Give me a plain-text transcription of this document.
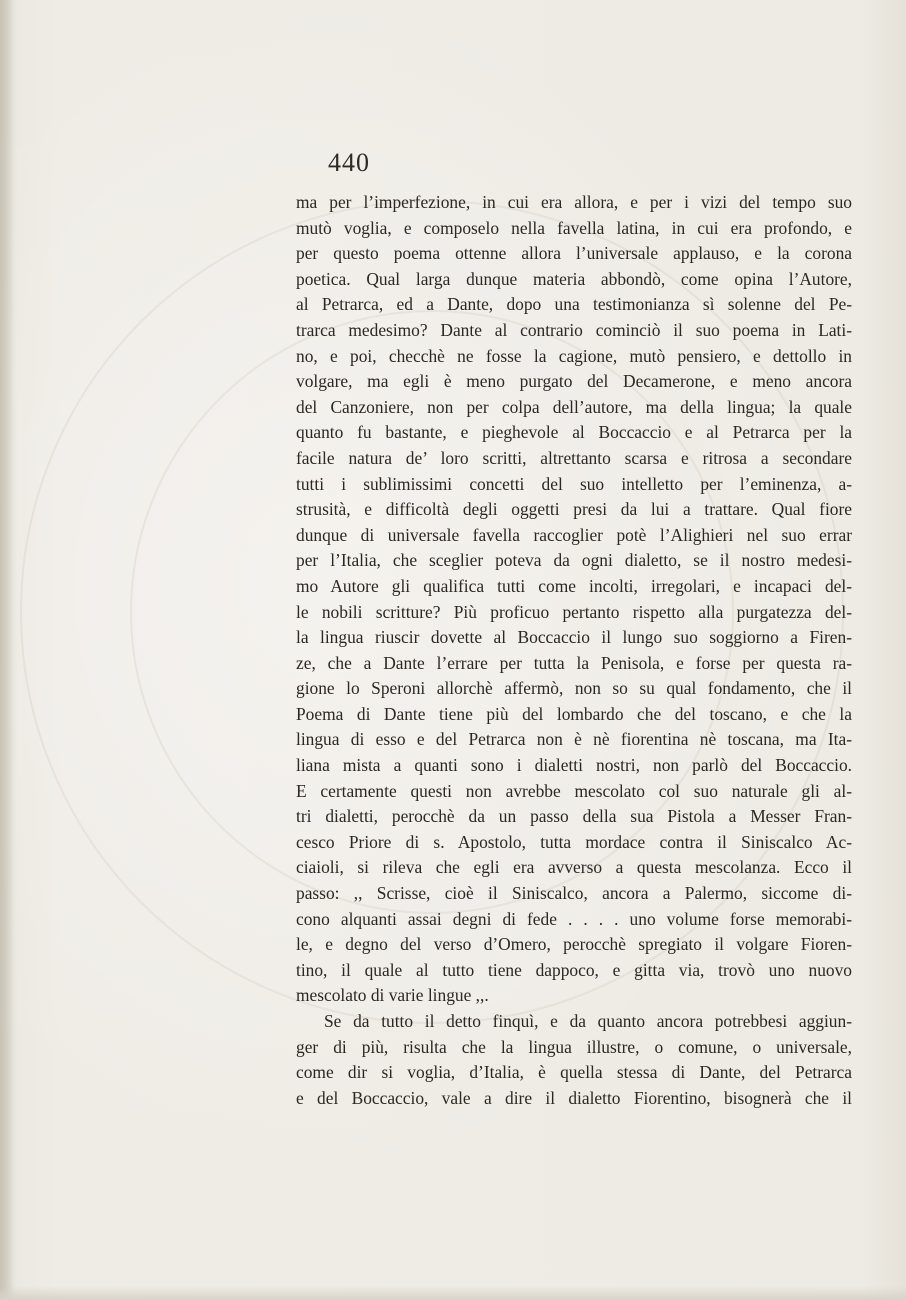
440
ma per l’imperfezione, in cui era allora, e per i vizi del tempo suo
mutò voglia, e composelo nella favella latina, in cui era profondo, e
per questo poema ottenne allora l’universale applauso, e la corona
poetica. Qual larga dunque materia abbondò, come opina l’Autore,
al Petrarca, ed a Dante, dopo una testimonianza sì solenne del Pe-
trarca medesimo? Dante al contrario cominciò il suo poema in Lati-
no, e poi, checchè ne fosse la cagione, mutò pensiero, e dettollo in
volgare, ma egli è meno purgato del Decamerone, e meno ancora
del Canzoniere, non per colpa dell’autore, ma della lingua; la quale
quanto fu bastante, e pieghevole al Boccaccio e al Petrarca per la
facile natura de’ loro scritti, altrettanto scarsa e ritrosa a secondare
tutti i sublimissimi concetti del suo intelletto per l’eminenza, a-
strusità, e difficoltà degli oggetti presi da lui a trattare. Qual fiore
dunque di universale favella raccoglier potè l’Alighieri nel suo errar
per l’Italia, che sceglier poteva da ogni dialetto, se il nostro medesi-
mo Autore gli qualifica tutti come incolti, irregolari, e incapaci del-
le nobili scritture? Più proficuo pertanto rispetto alla purgatezza del-
la lingua riuscir dovette al Boccaccio il lungo suo soggiorno a Firen-
ze, che a Dante l’errare per tutta la Penisola, e forse per questa ra-
gione lo Speroni allorchè affermò, non so su qual fondamento, che il
Poema di Dante tiene più del lombardo che del toscano, e che la
lingua di esso e del Petrarca non è nè fiorentina nè toscana, ma Ita-
liana mista a quanti sono i dialetti nostri, non parlò del Boccaccio.
E certamente questi non avrebbe mescolato col suo naturale gli al-
tri dialetti, perocchè da un passo della sua Pistola a Messer Fran-
cesco Priore di s. Apostolo, tutta mordace contra il Siniscalco Ac-
ciaioli, si rileva che egli era avverso a questa mescolanza. Ecco il
passo: ,, Scrisse, cioè il Siniscalco, ancora a Palermo, siccome di-
cono alquanti assai degni di fede . . . . uno volume forse memorabi-
le, e degno del verso d’Omero, perocchè spregiato il volgare Fioren-
tino, il quale al tutto tiene dappoco, e gitta via, trovò uno nuovo
mescolato di varie lingue ,,.
Se da tutto il detto finquì, e da quanto ancora potrebbesi aggiun-
ger di più, risulta che la lingua illustre, o comune, o universale,
come dir si voglia, d’Italia, è quella stessa di Dante, del Petrarca
e del Boccaccio, vale a dire il dialetto Fiorentino, bisognerà che il
